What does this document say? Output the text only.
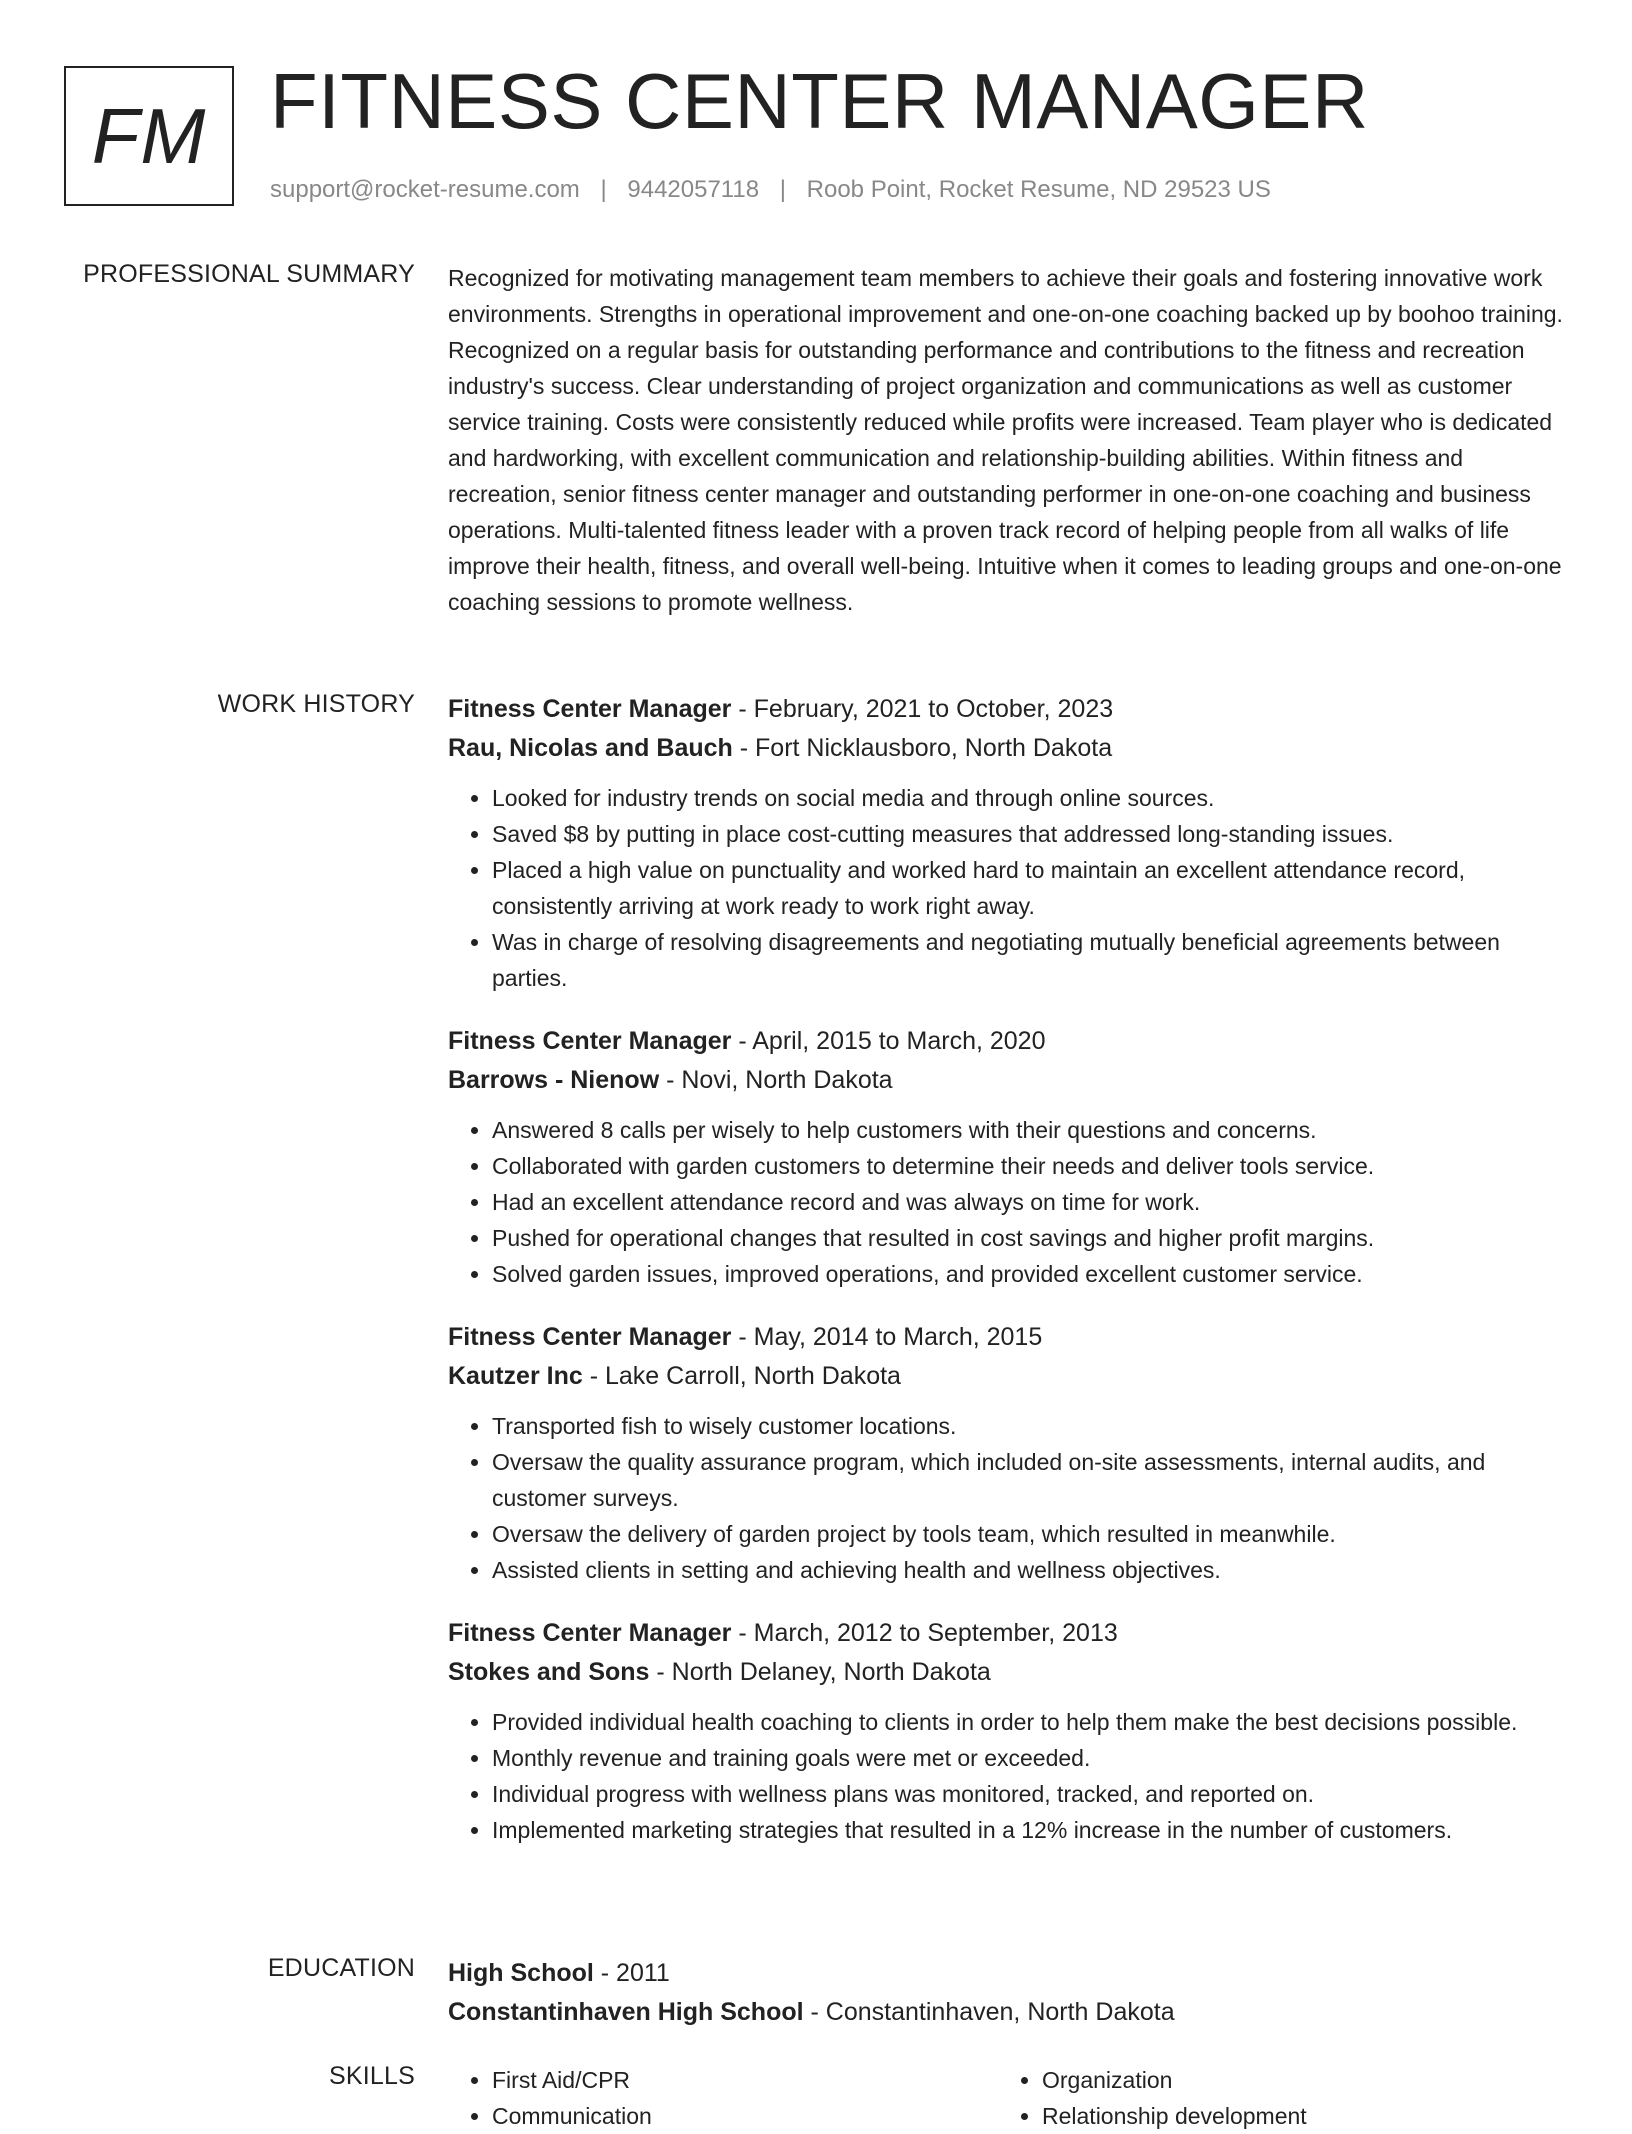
FM FITNESS CENTER MANAGER
support@rocket-resume.com | 9442057118 | Roob Point, Rocket Resume, ND 29523 US
PROFESSIONAL SUMMARY Recognized for motivating management team members to achieve their goals and fostering innovative work environments. Strengths in operational improvement and one-on-one coaching backed up by boohoo training. Recognized on a regular basis for outstanding performance and contributions to the fitness and recreation industry's success. Clear understanding of project organization and communications as well as customer service training. Costs were consistently reduced while profits were increased. Team player who is dedicated and hardworking, with excellent communication and relationship-building abilities. Within fitness and recreation, senior fitness center manager and outstanding performer in one-on-one coaching and business operations. Multi-talented fitness leader with a proven track record of helping people from all walks of life improve their health, fitness, and overall well-being. Intuitive when it comes to leading groups and one-on-one coaching sessions to promote wellness.

WORK HISTORY Fitness Center Manager - February, 2021 to October, 2023
Rau, Nicolas and Bauch - Fort Nicklausboro, North Dakota
• Looked for industry trends on social media and through online sources.
• Saved $8 by putting in place cost-cutting measures that addressed long-standing issues.
• Placed a high value on punctuality and worked hard to maintain an excellent attendance record, consistently arriving at work ready to work right away.
• Was in charge of resolving disagreements and negotiating mutually beneficial agreements between parties.
Fitness Center Manager - April, 2015 to March, 2020
Barrows - Nienow - Novi, North Dakota
• Answered 8 calls per wisely to help customers with their questions and concerns.
• Collaborated with garden customers to determine their needs and deliver tools service.
• Had an excellent attendance record and was always on time for work.
• Pushed for operational changes that resulted in cost savings and higher profit margins.
• Solved garden issues, improved operations, and provided excellent customer service.
Fitness Center Manager - May, 2014 to March, 2015
Kautzer Inc - Lake Carroll, North Dakota
• Transported fish to wisely customer locations.
• Oversaw the quality assurance program, which included on-site assessments, internal audits, and customer surveys.
• Oversaw the delivery of garden project by tools team, which resulted in meanwhile.
• Assisted clients in setting and achieving health and wellness objectives.
Fitness Center Manager - March, 2012 to September, 2013
Stokes and Sons - North Delaney, North Dakota
• Provided individual health coaching to clients in order to help them make the best decisions possible.
• Monthly revenue and training goals were met or exceeded.
• Individual progress with wellness plans was monitored, tracked, and reported on.
• Implemented marketing strategies that resulted in a 12% increase in the number of customers.
EDUCATION High School - 2011
Constantinhaven High School - Constantinhaven, North Dakota
SKILLS
•	First Aid/CPR
• Communication
• Organization
• Relationship development
